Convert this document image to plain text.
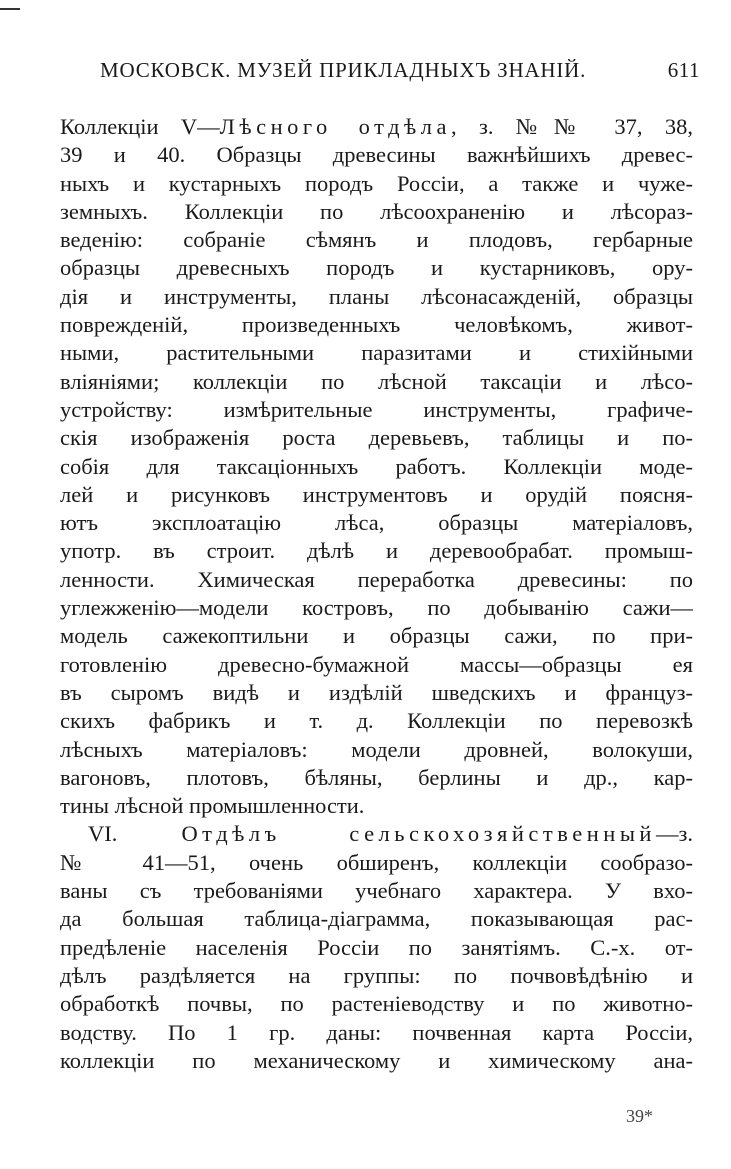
МОСКОВСК. МУЗЕЙ ПРИКЛАДНЫХЪ ЗНАНІЙ.	611
Коллекціи V—Лѣсного отдѣла, з. №№ 37, 38,
39 и 40. Образцы древесины важнѣйшихъ древес-
ныхъ и кустарныхъ породъ Россіи, а также и чуже-
земныхъ. Коллекціи по лѣсоохраненію и лѣсораз-
веденію: собраніе сѣмянъ и плодовъ, гербарные
образцы древесныхъ породъ и кустарниковъ, ору-
дія и инструменты, планы лѣсонасажденій, образцы
поврежденій, произведенныхъ человѣкомъ, живот-
ными, растительными паразитами и стихійными
вліяніями; коллекціи по лѣсной таксаціи и лѣсо-
устройству: измѣрительные инструменты, графиче-
скія изображенія роста деревьевъ, таблицы и по-
собія для таксаціонныхъ работъ. Коллекціи моде-
лей и рисунковъ инструментовъ и орудій поясня-
ютъ эксплоатацію лѣса, образцы матеріаловъ,
употр. въ строит. дѣлѣ и деревообрабат. промыш-
ленности. Химическая переработка древесины: по
углежженію—модели костровъ, по добыванію сажи—
модель сажекоптильни и образцы сажи, по при-
готовленію древесно-бумажной массы—образцы ея
въ сыромъ видѣ и издѣлій шведскихъ и француз-
скихъ фабрикъ и т. д. Коллекціи по перевозкѣ
лѣсныхъ матеріаловъ: модели дровней, волокуши,
вагоновъ, плотовъ, бѣляны, берлины и др., кар-
тины лѣсной промышленности.
VI. Отдѣлъ сельскохозяйственный—з.
№ 41—51, очень обширенъ, коллекціи сообразо-
ваны съ требованіями учебнаго характера. У вхо-
да большая таблица-діаграмма, показывающая рас-
предѣленіе населенія Россіи по занятіямъ. С.-х. от-
дѣлъ раздѣляется на группы: по почвовѣдѣнію и
обработкѣ почвы, по растеніеводству и по животно-
водству. По 1 гр. даны: почвенная карта Россіи,
коллекціи по механическому и химическому ана-
39*
